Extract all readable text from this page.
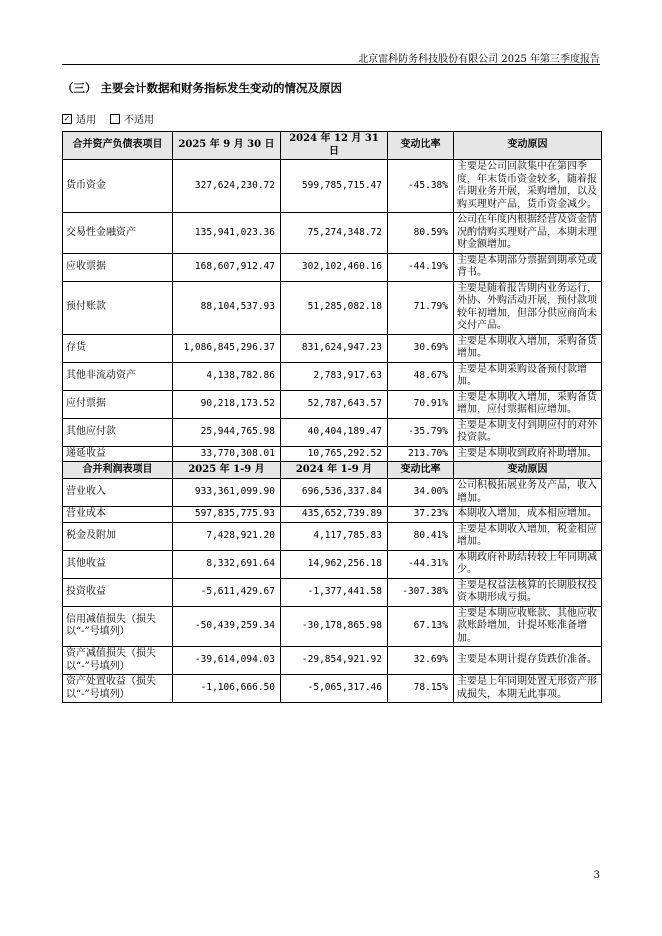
北京雷科防务科技股份有限公司 2025 年第三季度报告
（三） 主要会计数据和财务指标发生变动的情况及原因
✓ 适用	不适用
合并资产负债表项目	2025 年 9 月 30 日	2024 年 12 月 31 日	变动比率	变动原因
货币资金	327,624,230.72	599,785,715.47	-45.38%	主要是公司回款集中在第四季度，年末货币资金较多，随着报告期业务开展，采购增加，以及购买理财产品，货币资金减少。
交易性金融资产	135,941,023.36	75,274,348.72	80.59%	公司在年度内根据经营及资金情况酌情购买理财产品，本期末理财金额增加。
应收票据	168,607,912.47	302,102,460.16	-44.19%	主要是本期部分票据到期承兑或背书。
预付账款	88,104,537.93	51,285,082.18	71.79%	主要是随着报告期内业务运行，外协、外购活动开展，预付款项较年初增加，但部分供应商尚未交付产品。
存货	1,086,845,296.37	831,624,947.23	30.69%	主要是本期收入增加，采购备货增加。
其他非流动资产	4,138,782.86	2,783,917.63	48.67%	主要是本期采购设备预付款增加。
应付票据	90,218,173.52	52,787,643.57	70.91%	主要是本期收入增加，采购备货增加，应付票据相应增加。
其他应付款	25,944,765.98	40,404,189.47	-35.79%	主要是本期支付到期应付的对外投资款。
递延收益	33,770,308.01	10,765,292.52	213.70%	主要是本期收到政府补助增加。
合并利润表项目	2025 年 1-9 月	2024 年 1-9 月	变动比率	变动原因
营业收入	933,361,099.90	696,536,337.84	34.00%	公司积极拓展业务及产品，收入增加。
营业成本	597,835,775.93	435,652,739.89	37.23%	本期收入增加，成本相应增加。
税金及附加	7,428,921.20	4,117,785.83	80.41%	主要是本期收入增加，税金相应增加。
其他收益	8,332,691.64	14,962,256.18	-44.31%	本期政府补助结转较上年同期减少。
投资收益	-5,611,429.67	-1,377,441.58	-307.38%	主要是权益法核算的长期股权投资本期形成亏损。
信用减值损失（损失以“-”号填列）	-50,439,259.34	-30,178,865.98	67.13%	主要是本期应收账款、其他应收款账龄增加，计提坏账准备增加。
资产减值损失（损失以“-”号填列）	-39,614,094.03	-29,854,921.92	32.69%	主要是本期计提存货跌价准备。
资产处置收益（损失以“-”号填列）	-1,106,666.50	-5,065,317.46	78.15%	主要是上年同期处置无形资产形成损失，本期无此事项。
3
